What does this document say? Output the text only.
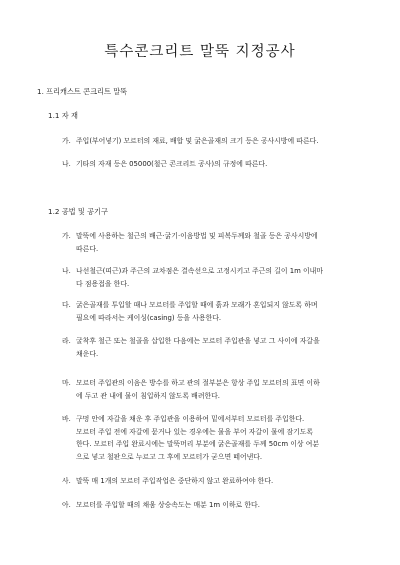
특수콘크리트 말뚝 지정공사
1. 프리캐스트 콘크리트 말뚝
1.1 자 재
가. 주입(부어넣기) 모르터의 재료, 배합 및 굵은골재의 크기 등은 공사시방에 따른다.
나. 기타의 자재 등은 05000(철근 콘크리트 공사)의 규정에 따른다.
1.2 공법 및 공기구
가. 말뚝에 사용하는 철근의 배근·굵기·이음방법 및 피복두께와 철골 등은 공사시방에
따른다.
나. 나선철근(띠근)과 주근의 교차점은 결속선으로 고정시키고 주근의 길이 1m 이내마
다 점용접을 한다.
다. 굵은골재를 투입할 때나 모르터를 주입할 때에 흙과 모래가 혼입되지 않도록 하며
필요에 따라서는 케이싱(casing) 등을 사용한다.
라. 굴착후 철근 또는 철골을 삽입한 다음에는 모르터 주입관을 넣고 그 사이에 자갈을
채운다.
마. 모르터 주입관의 이음은 방수를 하고 관의 절부분은 항상 주입 모르터의 표면 이하
에 두고 관 내에 물이 침입하지 않도록 배려한다.
바. 구멍 안에 자갈을 채운 후 주입관을 이용하여 밑에서부터 모르터를 주입한다.
모르터 주입 전에 자갈에 묻거나 있는 경우에는 물을 부어 자갈이 물에 잠기도록
한다. 모르터 주입 완료시에는 말뚝머리 부분에 굵은골재를 두께 50cm 이상 여분
으로 넣고 철판으로 누르고 그 후에 모르터가 굳으면 떼어낸다.
사. 말뚝 매 1개의 모르터 주입작업은 중단하지 않고 완료하여야 한다.
아. 모르터를 주입할 때의 채움 상승속도는 매분 1m 이하로 한다.
